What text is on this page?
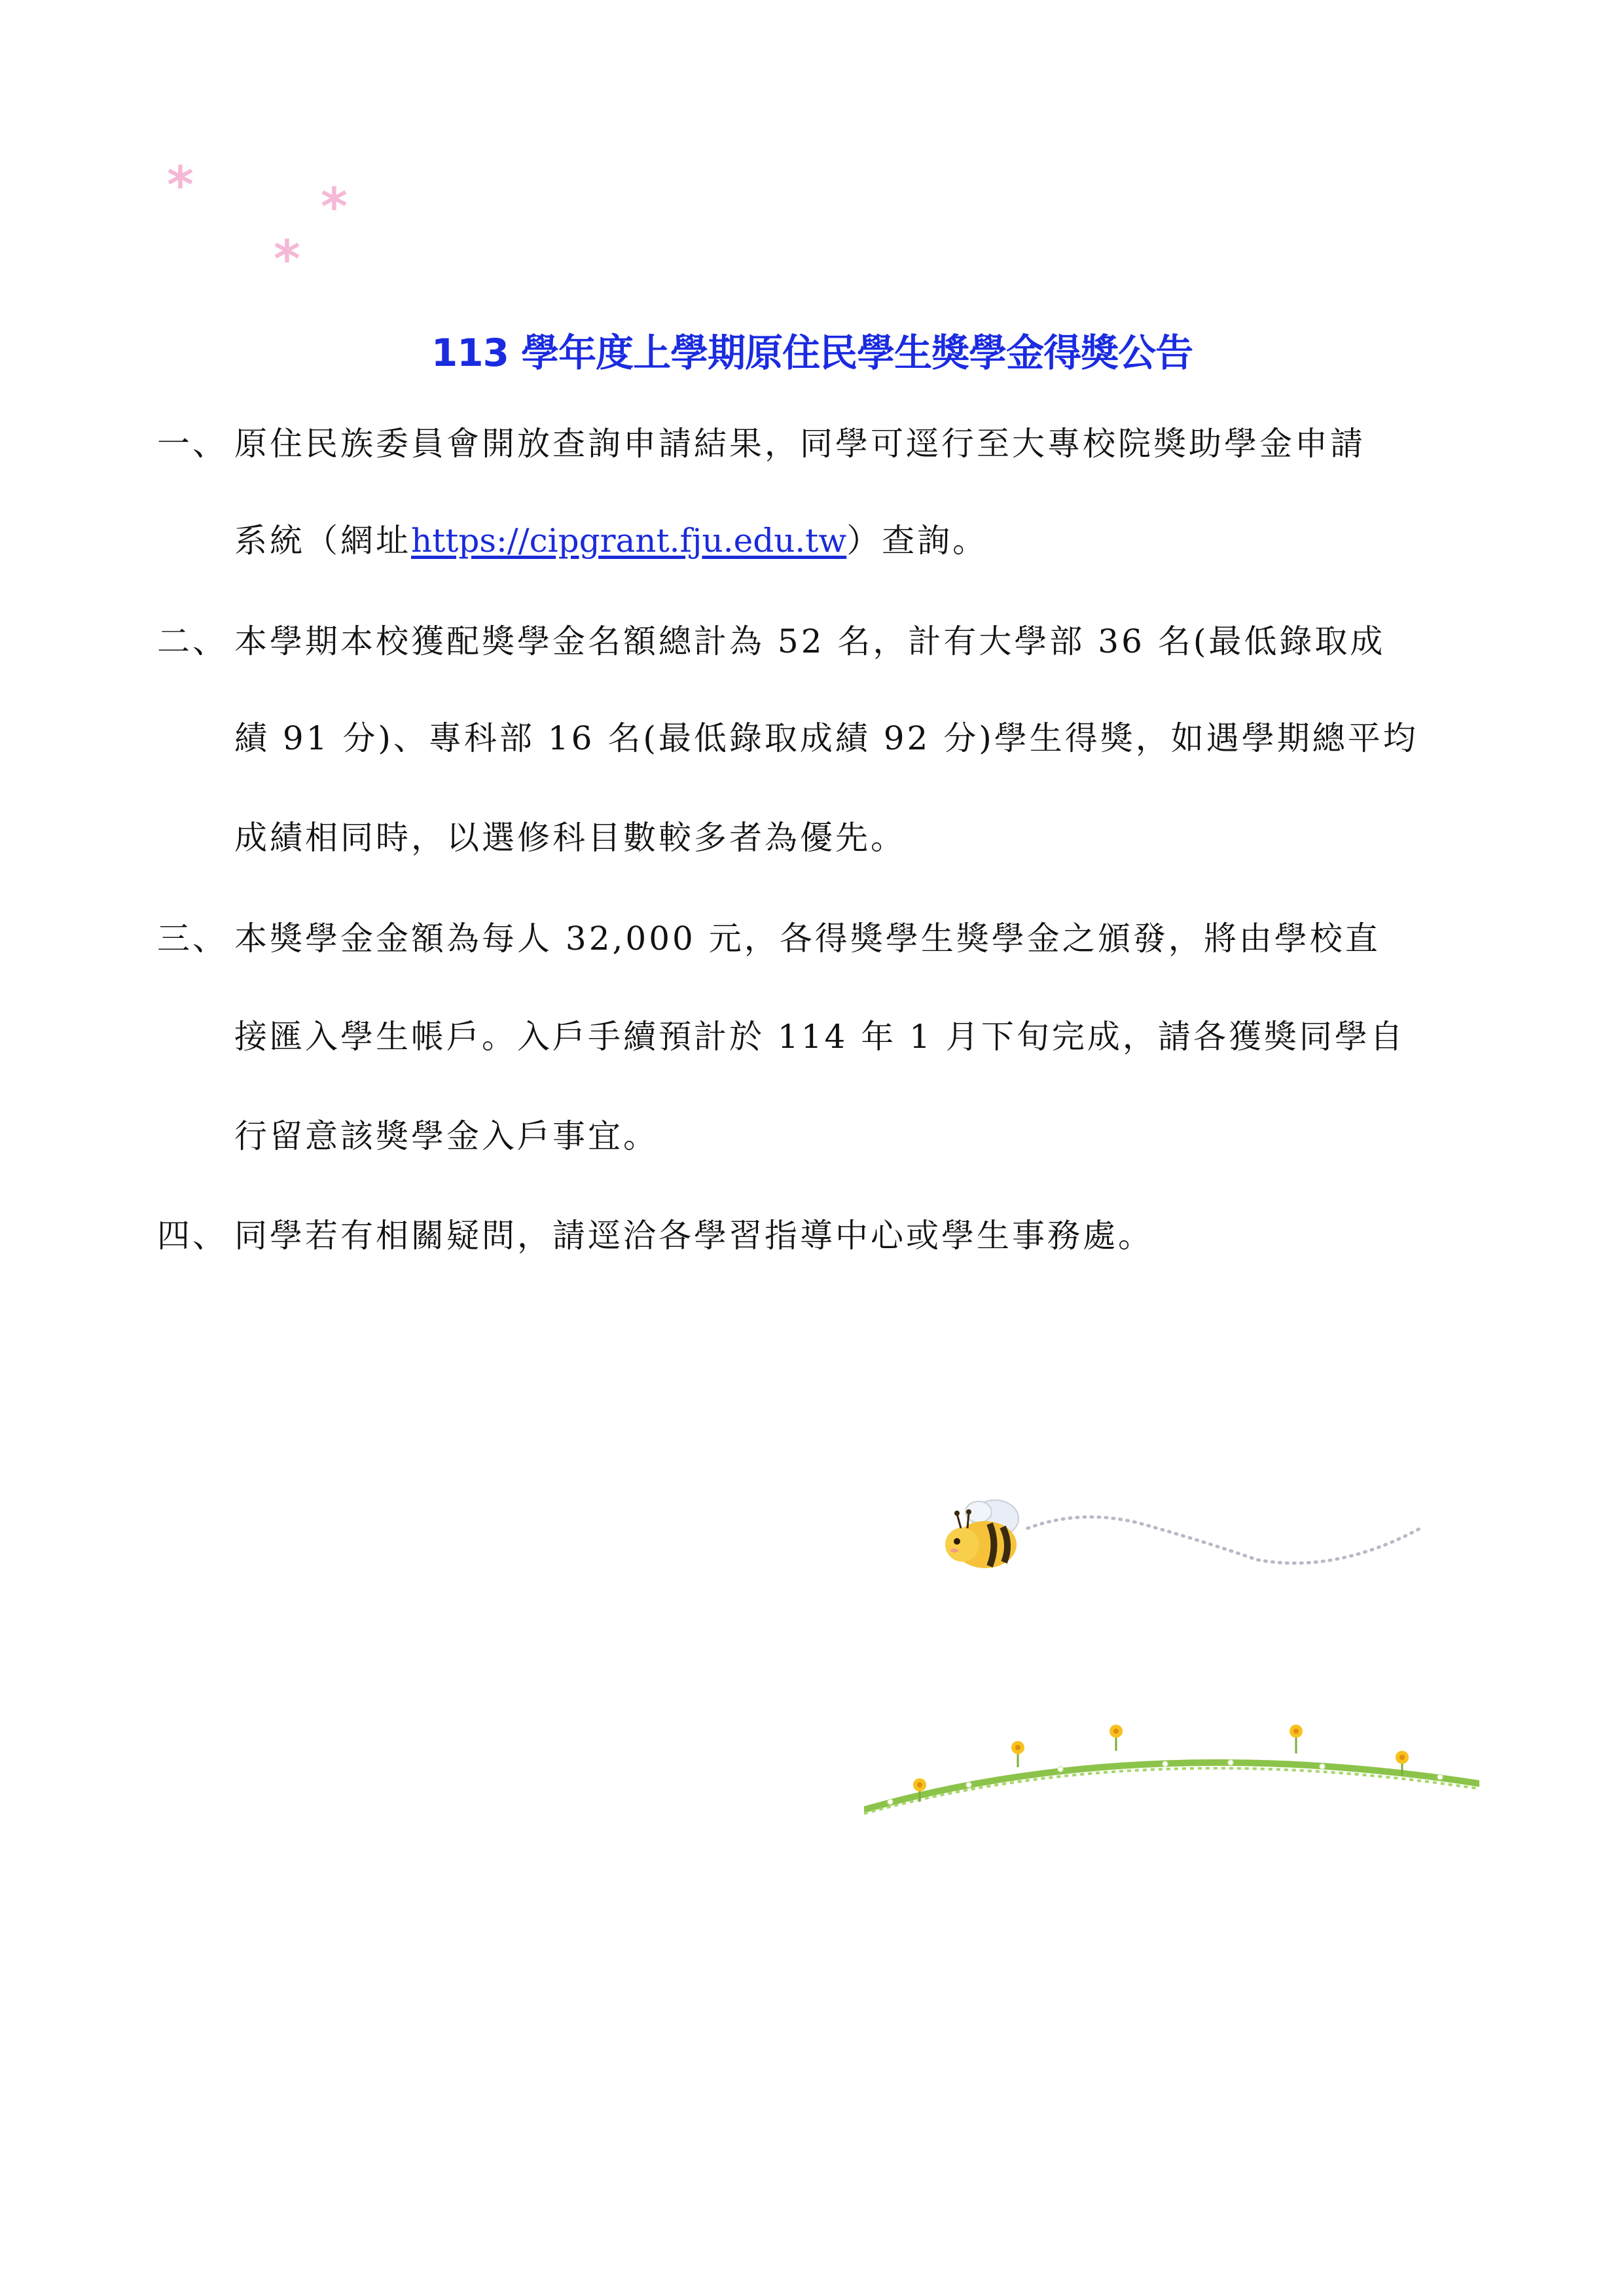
* *
*
113 學年度上學期原住民學生獎學金得獎公告
一、 原住民族委員會開放查詢申請結果，同學可逕行至大專校院獎助學金申請
系統（網址https://cipgrant.fju.edu.tw）查詢。
二、 本學期本校獲配獎學金名額總計為 52 名，計有大學部 36 名(最低錄取成
績 91 分)、專科部 16 名(最低錄取成績 92 分)學生得獎，如遇學期總平均
成績相同時，以選修科目數較多者為優先。
三、 本獎學金金額為每人 32,000 元，各得獎學生獎學金之頒發，將由學校直
接匯入學生帳戶。入戶手續預計於 114 年 1 月下旬完成，請各獲獎同學自
行留意該獎學金入戶事宜。
四、 同學若有相關疑問，請逕洽各學習指導中心或學生事務處。
